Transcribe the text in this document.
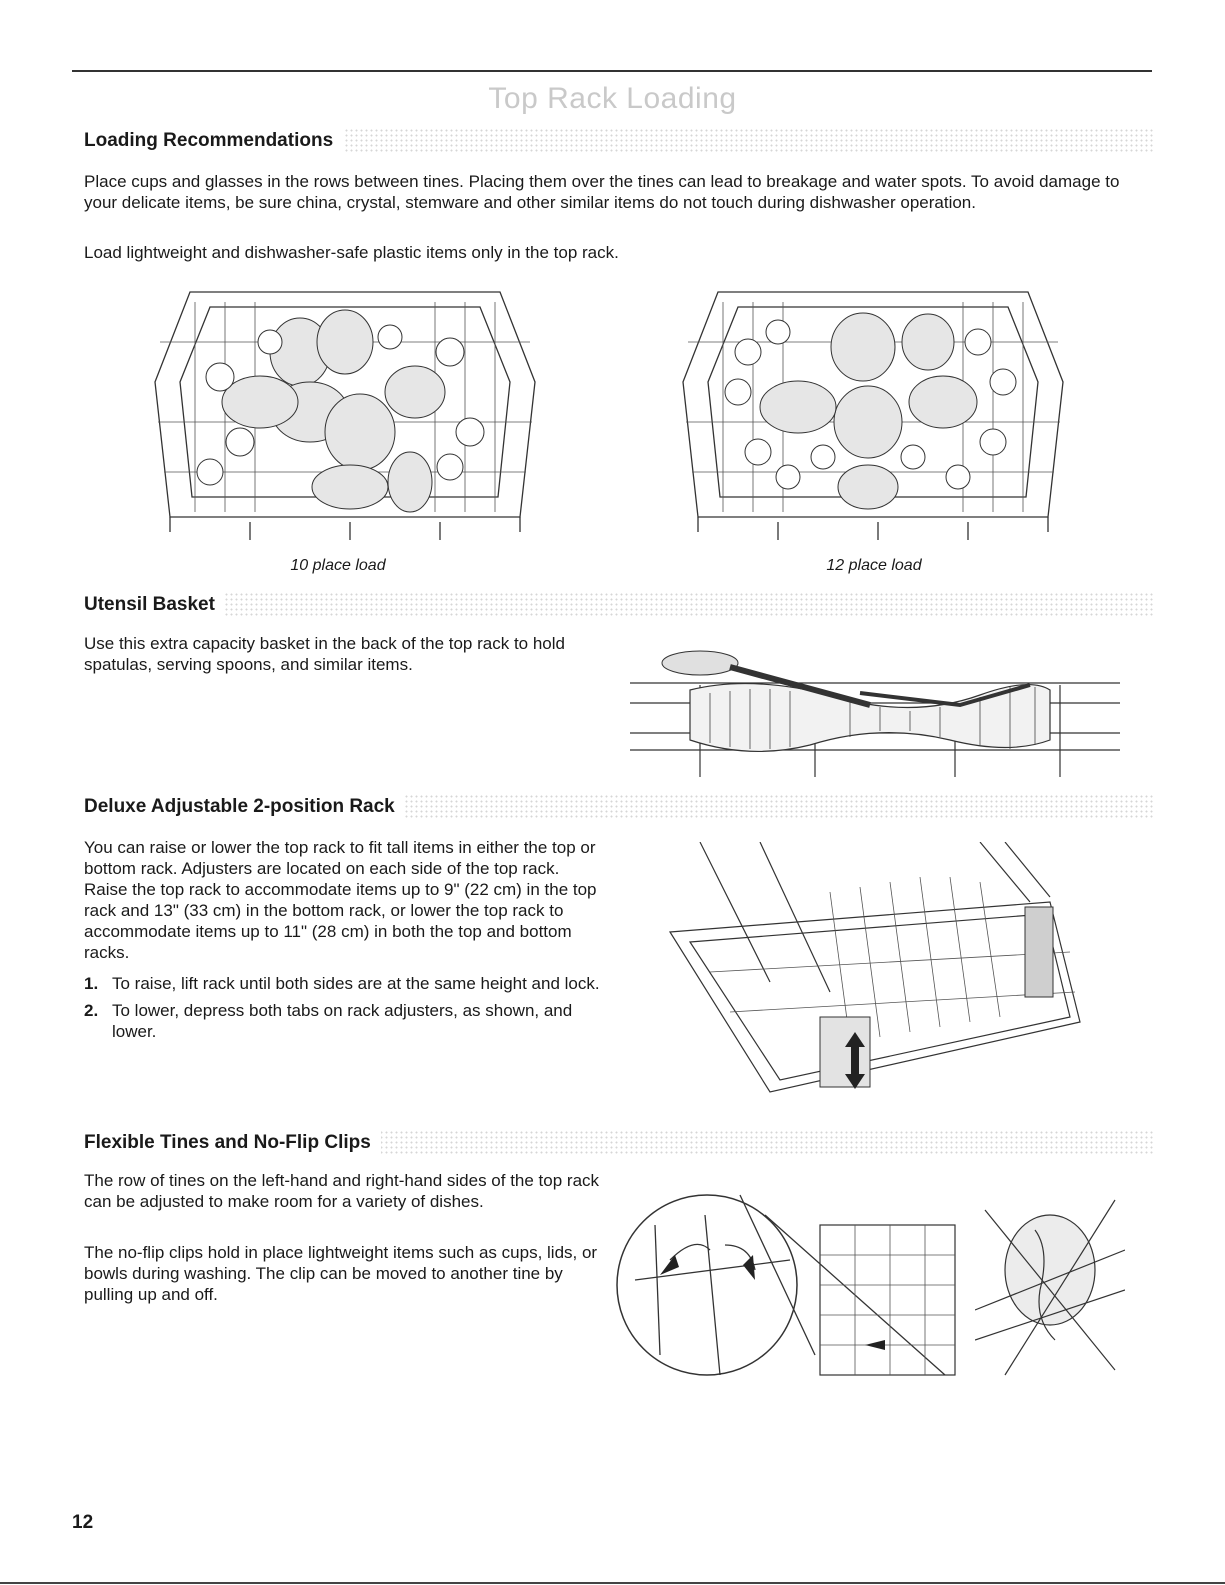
Top Rack Loading
Loading Recommendations

Place cups and glasses in the rows between tines. Placing them over the tines can lead to breakage and water spots. To avoid damage to your delicate items, be sure china, crystal, stemware and other similar items do not touch during dishwasher operation.

Load lightweight and dishwasher-safe plastic items only in the top rack.

10 place load	12 place load
Utensil Basket

Use this extra capacity basket in the back of the top rack to hold spatulas, serving spoons, and similar items.

Deluxe Adjustable 2-position Rack

You can raise or lower the top rack to fit tall items in either the top or bottom rack. Adjusters are located on each side of the top rack. Raise the top rack to accommodate items up to 9" (22 cm) in the top rack and 13" (33 cm) in the bottom rack, or lower the top rack to accommodate items up to 11" (28 cm) in both the top and bottom racks.

1. To raise, lift rack until both sides are at the same height and lock.
2. To lower, depress both tabs on rack adjusters, as shown, and lower.
Flexible Tines and No-Flip Clips

The row of tines on the left-hand and right-hand sides of the top rack can be adjusted to make room for a variety of dishes.

The no-flip clips hold in place lightweight items such as cups, lids, or bowls during washing. The clip can be moved to another tine by pulling up and off.

12
